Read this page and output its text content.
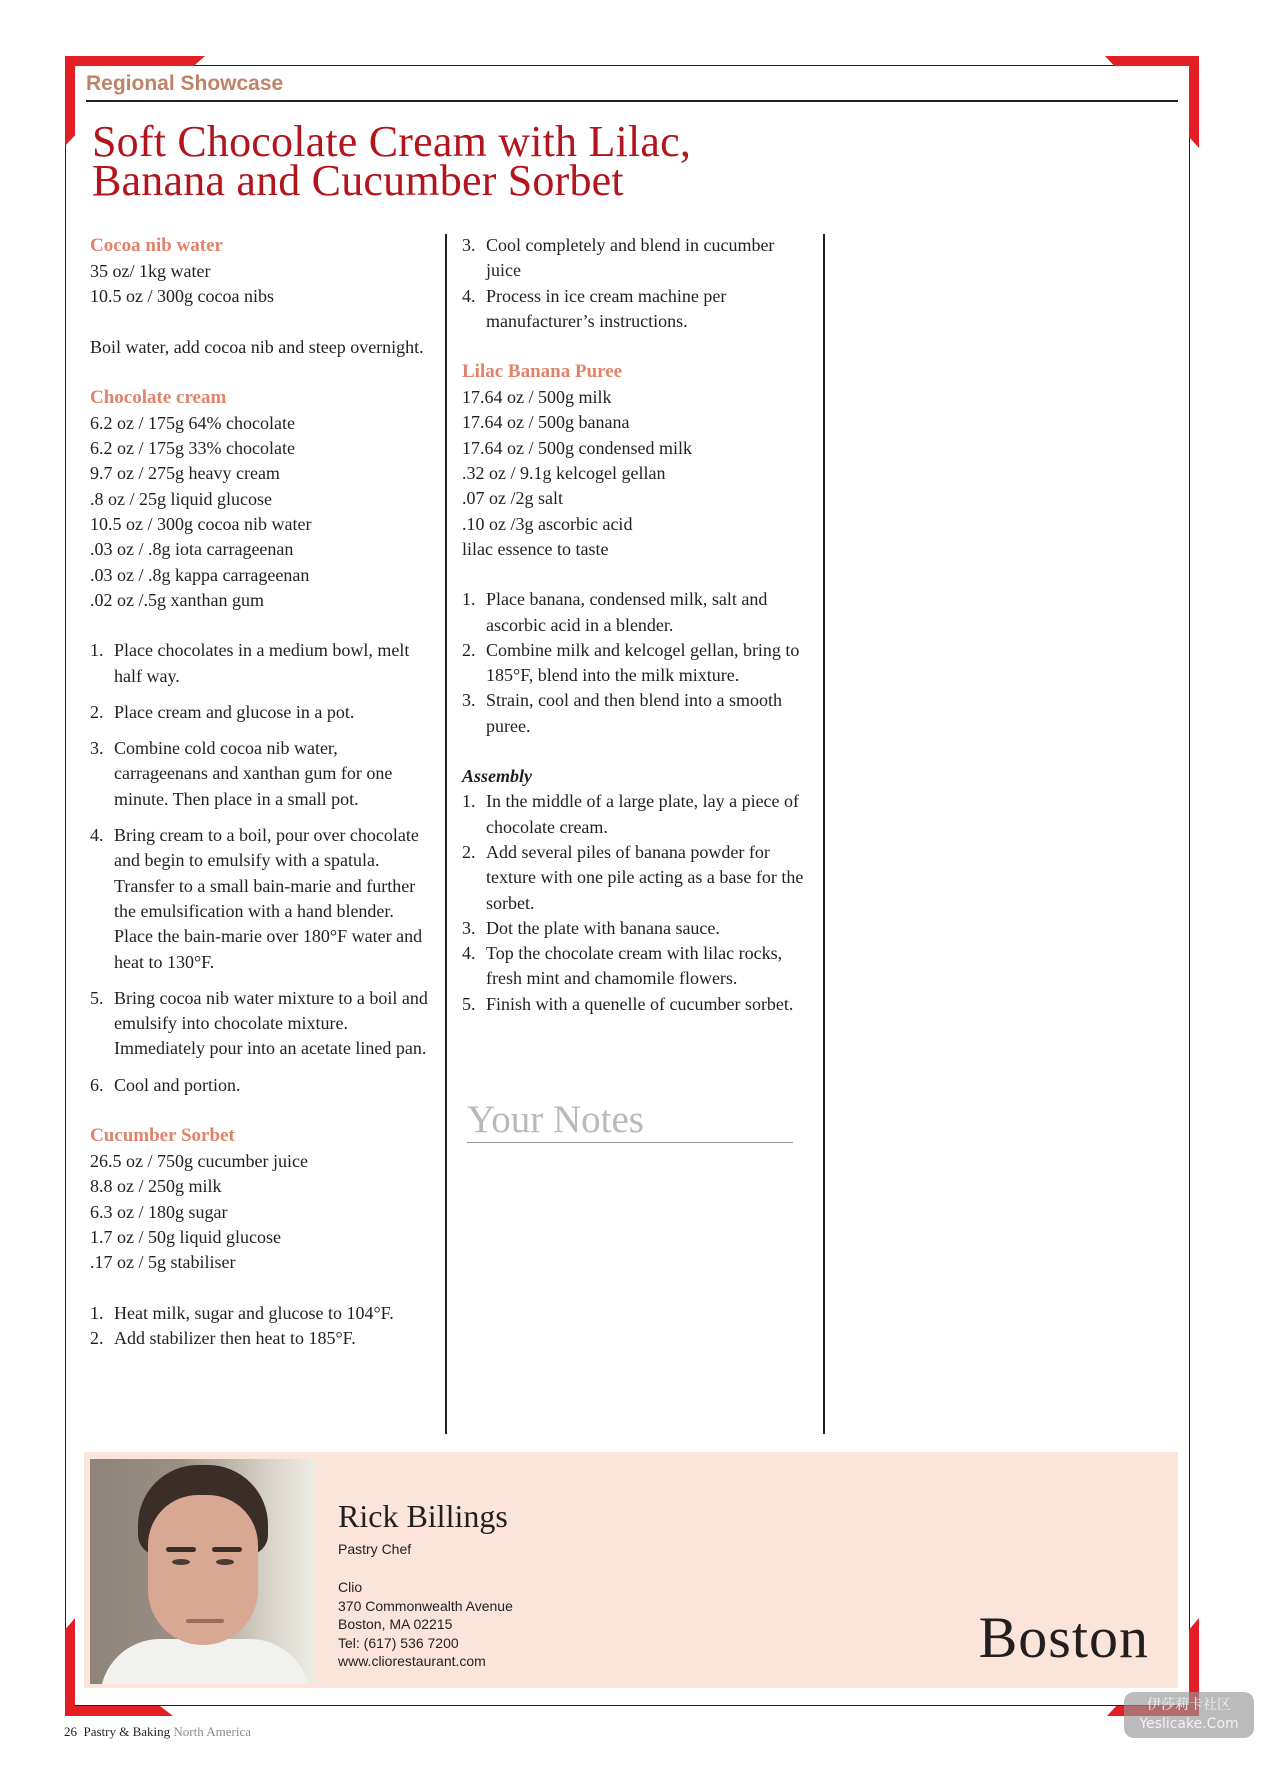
Regional Showcase
Soft Chocolate Cream with Lilac,
Banana and Cucumber Sorbet
Cocoa nib water
35 oz/ 1kg water
10.5 oz / 300g cocoa nibs
Boil water, add cocoa nib and steep overnight.
Chocolate cream
6.2 oz / 175g 64% chocolate
6.2 oz / 175g 33% chocolate
9.7 oz / 275g heavy cream
.8 oz / 25g liquid glucose
10.5 oz / 300g cocoa nib water
.03 oz / .8g iota carrageenan
.03 oz / .8g kappa carrageenan
.02 oz /.5g xanthan gum
1. Place chocolates in a medium bowl, melt half way.
2. Place cream and glucose in a pot.
3. Combine cold cocoa nib water, carrageenans and xanthan gum for one minute. Then place in a small pot.
4. Bring cream to a boil, pour over chocolate and begin to emulsify with a spatula. Transfer to a small bain-marie and further the emulsification with a hand blender. Place the bain-marie over 180°F water and heat to 130°F.
5. Bring cocoa nib water mixture to a boil and emulsify into chocolate mixture. Immediately pour into an acetate lined pan.
6. Cool and portion.
Cucumber Sorbet
26.5 oz / 750g cucumber juice
8.8 oz / 250g milk
6.3 oz / 180g sugar
1.7 oz / 50g liquid glucose
.17 oz / 5g stabiliser
1. Heat milk, sugar and glucose to 104°F.
2. Add stabilizer then heat to 185°F.
3. Cool completely and blend in cucumber juice
4. Process in ice cream machine per manufacturer’s instructions.
Lilac Banana Puree
17.64 oz / 500g milk
17.64 oz / 500g banana
17.64 oz / 500g condensed milk
.32 oz / 9.1g kelcogel gellan
.07 oz /2g salt
.10 oz /3g ascorbic acid
lilac essence to taste
1. Place banana, condensed milk, salt and ascorbic acid in a blender.
2. Combine milk and kelcogel gellan, bring to 185°F, blend into the milk mixture.
3. Strain, cool and then blend into a smooth puree.
Assembly
1. In the middle of a large plate, lay a piece of chocolate cream.
2. Add several piles of banana powder for texture with one pile acting as a base for the sorbet.
3. Dot the plate with banana sauce.
4. Top the chocolate cream with lilac rocks, fresh mint and chamomile flowers.
5. Finish with a quenelle of cucumber sorbet.
Your Notes
Rick Billings
Pastry Chef
Clio
370 Commonwealth Avenue
Boston, MA 02215
Tel: (617) 536 7200
www.cliorestaurant.com	Boston
26 Pastry & Baking North America
伊莎莉卡社区
Yeslicake.Com
